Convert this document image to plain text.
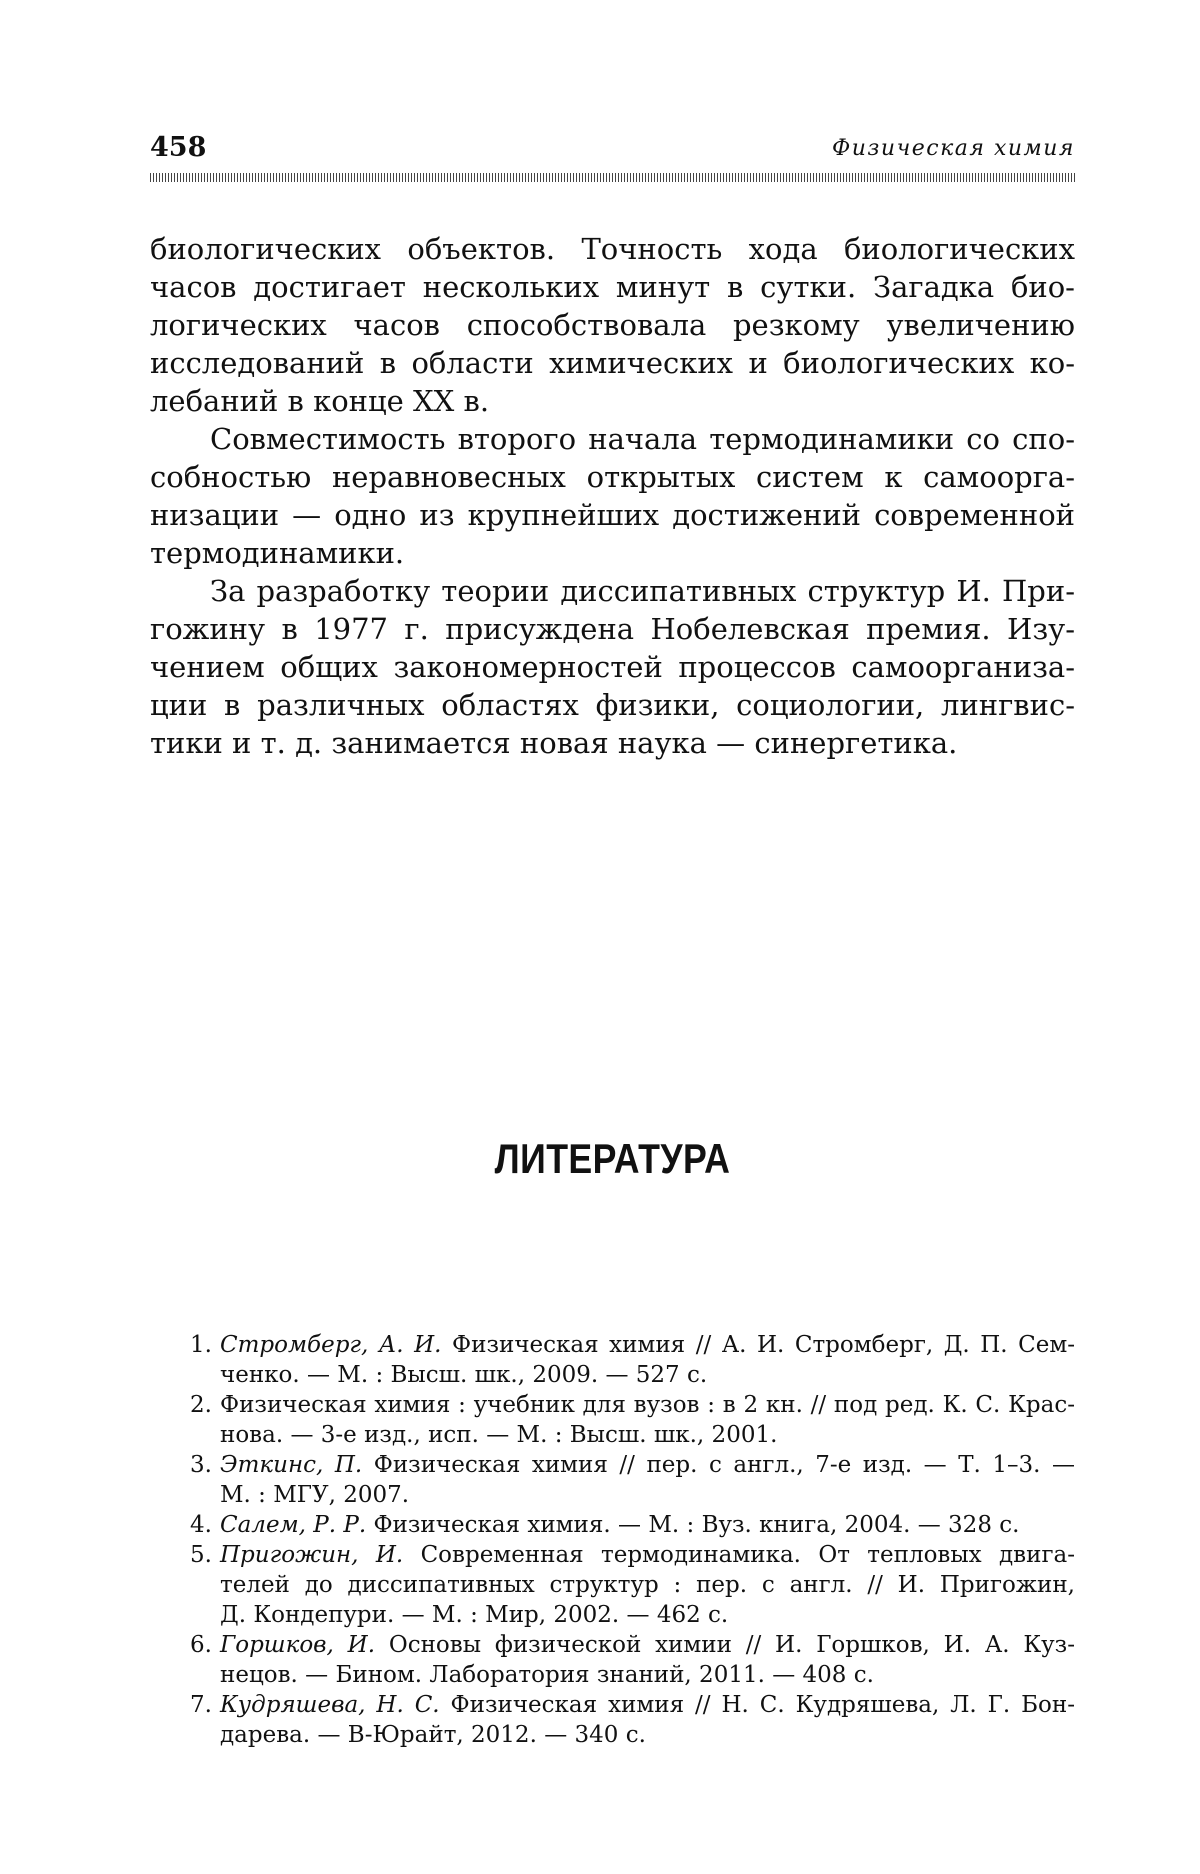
458	Физическая химия
биологических объектов. Точность хода биологических
часов достигает нескольких минут в сутки. Загадка био-
логических часов способствовала резкому увеличению
исследований в области химических и биологических ко-
лебаний в конце XX в.
Совместимость второго начала термодинамики со спо-
собностью неравновесных открытых систем к самоорга-
низации — одно из крупнейших достижений современной
термодинамики.
За разработку теории диссипативных структур И. При-
гожину в 1977 г. присуждена Нобелевская премия. Изу-
чением общих закономерностей процессов самоорганиза-
ции в различных областях физики, социологии, лингвис-
тики и т. д. занимается новая наука — синергетика.
ЛИТЕРАТУРА
1. Стромберг, А. И. Физическая химия // А. И. Стромберг, Д. П. Сем-
ченко. — М. : Высш. шк., 2009. — 527 с.
2. Физическая химия : учебник для вузов : в 2 кн. // под ред. К. С. Крас-
нова. — 3-е изд., исп. — М. : Высш. шк., 2001.
3. Эткинс, П. Физическая химия // пер. с англ., 7-е изд. — Т. 1–3. —
М. : МГУ, 2007.
4. Салем, Р. Р. Физическая химия. — М. : Вуз. книга, 2004. — 328 с.
5. Пригожин, И. Современная термодинамика. От тепловых двига-
телей до диссипативных структур : пер. с англ. // И. Пригожин,
Д. Кондепури. — М. : Мир, 2002. — 462 с.
6. Горшков, И. Основы физической химии // И. Горшков, И. А. Куз-
нецов. — Бином. Лаборатория знаний, 2011. — 408 с.
7. Кудряшева, Н. С. Физическая химия // Н. С. Кудряшева, Л. Г. Бон-
дарева. — В-Юрайт, 2012. — 340 с.
